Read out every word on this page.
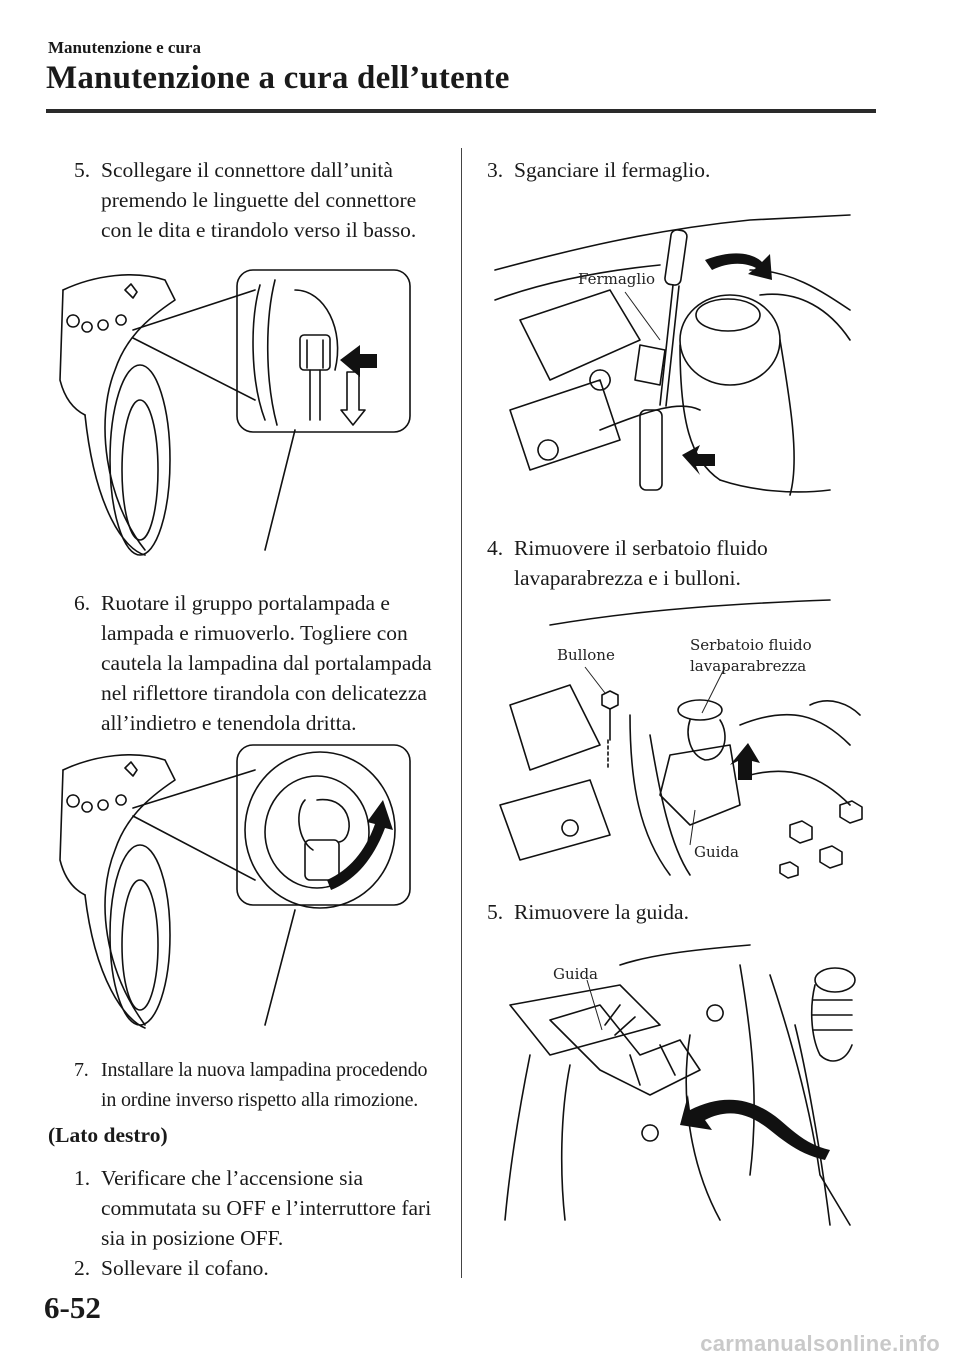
Manutenzione e cura
Manutenzione a cura dell’utente
5. Scollegare il connettore dall’unità premendo le linguette del connettore con le dita e tirandolo verso il basso.
6. Ruotare il gruppo portalampada e lampada e rimuoverlo. Togliere con cautela la lampadina dal portalampada nel riflettore tirandola con delicatezza all’indietro e tenendola dritta.
7. Installare la nuova lampadina procedendo in ordine inverso rispetto alla rimozione.
(Lato destro)
1. Verificare che l’accensione sia commutata su OFF e l’interruttore fari sia in posizione OFF.
2. Sollevare il cofano.
3. Sganciare il fermaglio.
Fermaglio
4. Rimuovere il serbatoio fluido lavaparabrezza e i bulloni.
Bullone
Serbatoio fluido
lavaparabrezza
Guida
5. Rimuovere la guida.
Guida
6-52
carmanualsonline.info
